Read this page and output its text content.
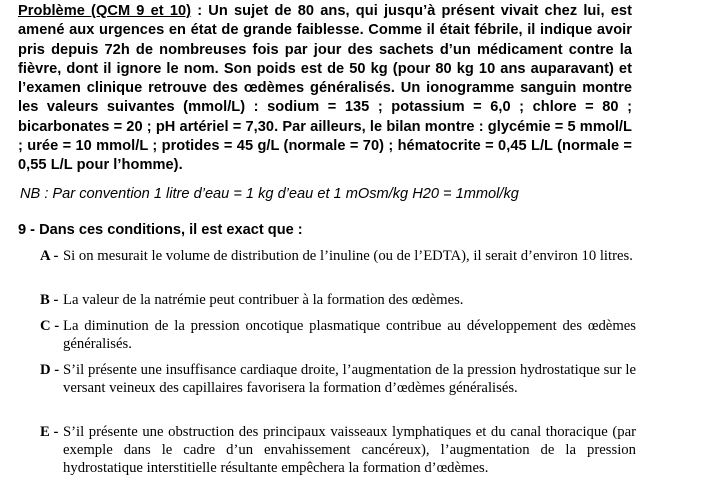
Problème (QCM 9 et 10) : Un sujet de 80 ans, qui jusqu’à présent vivait chez lui, est amené aux urgences en état de grande faiblesse. Comme il était fébrile, il indique avoir pris depuis 72h de nombreuses fois par jour des sachets d’un médicament contre la fièvre, dont il ignore le nom. Son poids est de 50 kg (pour 80 kg 10 ans auparavant) et l’examen clinique retrouve des œdèmes généralisés. Un ionogramme sanguin montre les valeurs suivantes (mmol/L) : sodium = 135 ; potassium = 6,0 ; chlore = 80 ; bicarbonates = 20 ; pH artériel = 7,30. Par ailleurs, le bilan montre : glycémie = 5 mmol/L ; urée = 10 mmol/L ; protides = 45 g/L (normale = 70) ; hématocrite = 0,45 L/L (normale = 0,55 L/L pour l’homme).
NB : Par convention 1 litre d’eau = 1 kg d’eau et 1 mOsm/kg H20 = 1mmol/kg
9 - Dans ces conditions, il est exact que :
A - Si on mesurait le volume de distribution de l’inuline (ou de l’EDTA), il serait d’environ 10 litres.
B - La valeur de la natrémie peut contribuer à la formation des œdèmes.
C - La diminution de la pression oncotique plasmatique contribue au développement des œdèmes généralisés.
D - S’il présente une insuffisance cardiaque droite, l’augmentation de la pression hydrostatique sur le versant veineux des capillaires favorisera la formation d’œdèmes généralisés.
E - S’il présente une obstruction des principaux vaisseaux lymphatiques et du canal thoracique (par exemple dans le cadre d’un envahissement cancéreux), l’augmentation de la pression hydrostatique interstitielle résultante empêchera la formation d’œdèmes.
